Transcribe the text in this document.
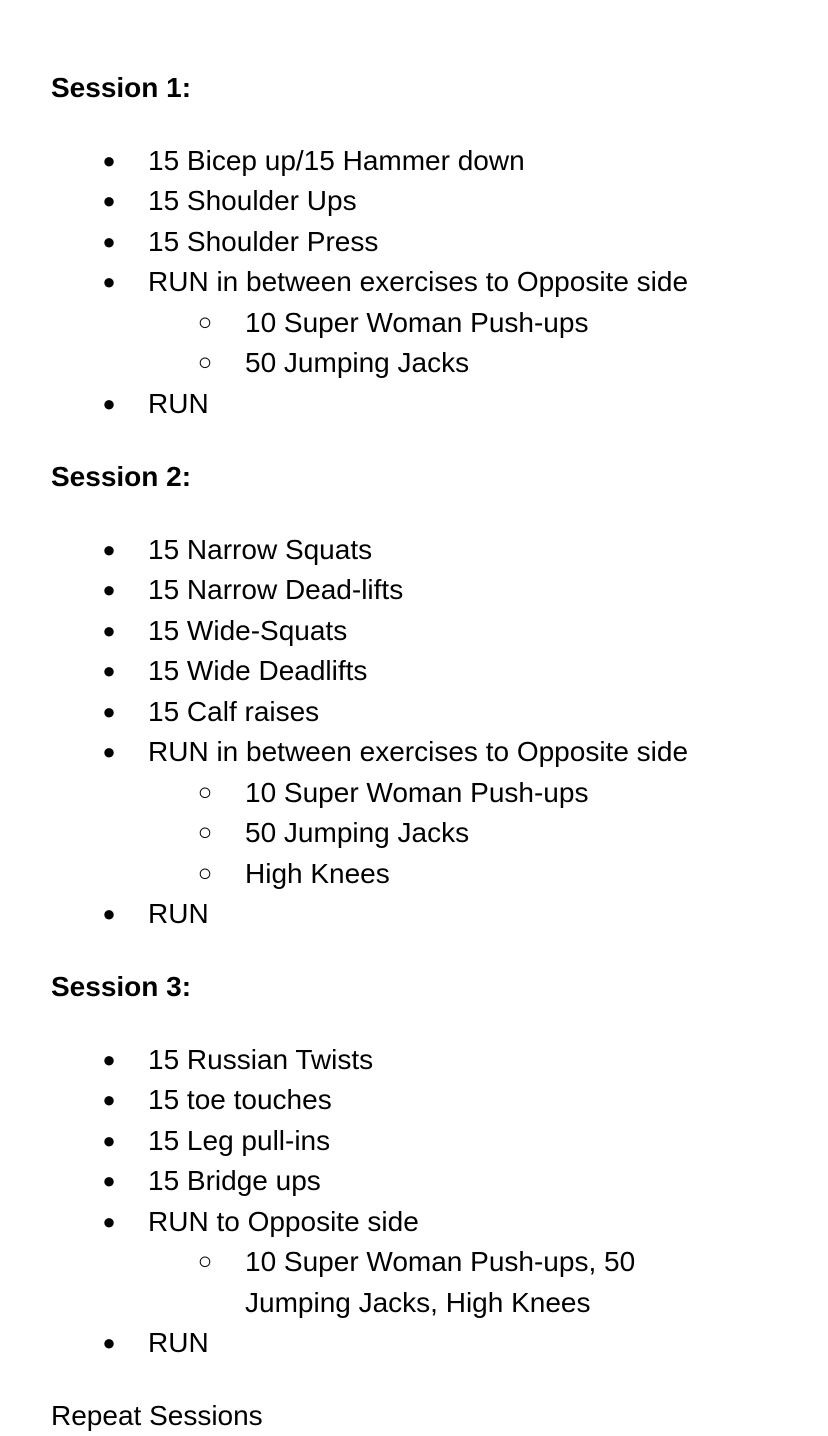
Session 1:
● 15 Bicep up/15 Hammer down
● 15 Shoulder Ups
● 15 Shoulder Press
● RUN in between exercises to Opposite side
○ 10 Super Woman Push-ups
○ 50 Jumping Jacks
● RUN
Session 2:
● 15 Narrow Squats
● 15 Narrow Dead-lifts
● 15 Wide-Squats
● 15 Wide Deadlifts
● 15 Calf raises
● RUN in between exercises to Opposite side
○ 10 Super Woman Push-ups
○ 50 Jumping Jacks
○ High Knees
● RUN
Session 3:
● 15 Russian Twists
● 15 toe touches
● 15 Leg pull-ins
● 15 Bridge ups
● RUN to Opposite side
○ 10 Super Woman Push-ups, 50
Jumping Jacks, High Knees
● RUN
Repeat Sessions
